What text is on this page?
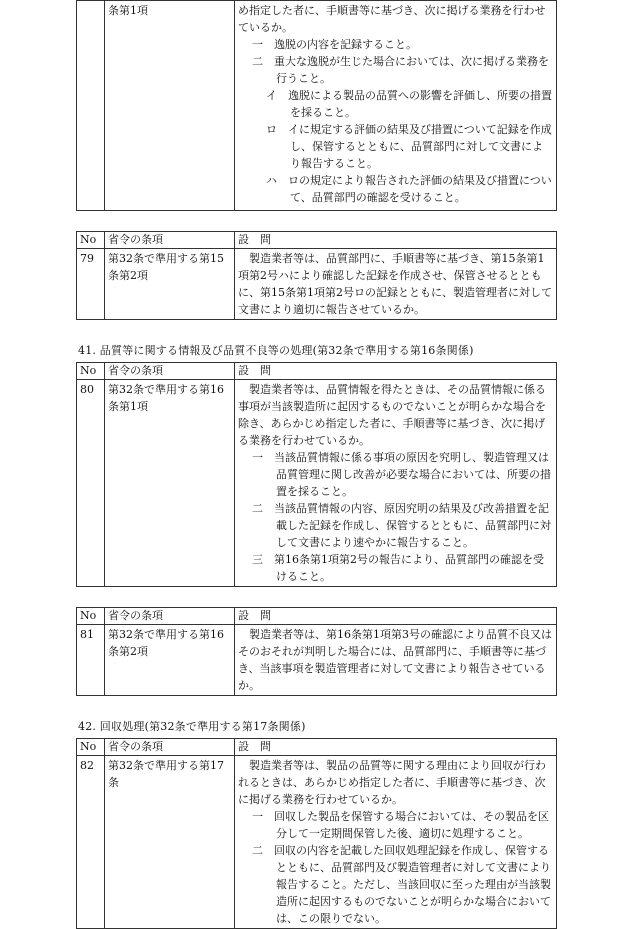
	条第1項	め指定した者に、手順書等に基づき、次に掲げる業務を行わせているか。

一　逸脱の内容を記録すること。

二　重大な逸脱が生じた場合においては、次に掲げる業務を行うこと。

イ　逸脱による製品の品質への影響を評価し、所要の措置を採ること。

ロ　イに規定する評価の結果及び措置について記録を作成し、保管するとともに、品質部門に対して文書により報告すること。

ハ　ロの規定により報告された評価の結果及び措置について、品質部門の確認を受けること。

No	省令の条項	設　問
79	第32条で準用する第15条第2項	製造業者等は、品質部門に、手順書等に基づき、第15条第1項第2号ハにより確認した記録を作成させ、保管させるとともに、第15条第1項第2号ロの記録とともに、製造管理者に対して文書により適切に報告させているか。

41. 品質等に関する情報及び品質不良等の処理(第32条で準用する第16条関係)

No	省令の条項	設　問
80	第32条で準用する第16条第1項	製造業者等は、品質情報を得たときは、その品質情報に係る事項が当該製造所に起因するものでないことが明らかな場合を除き、あらかじめ指定した者に、手順書等に基づき、次に掲げる業務を行わせているか。

一　当該品質情報に係る事項の原因を究明し、製造管理又は品質管理に関し改善が必要な場合においては、所要の措置を採ること。

二　当該品質情報の内容、原因究明の結果及び改善措置を記載した記録を作成し、保管するとともに、品質部門に対して文書により速やかに報告すること。

三　第16条第1項第2号の報告により、品質部門の確認を受けること。

No	省令の条項	設　問
81	第32条で準用する第16条第2項	製造業者等は、第16条第1項第3号の確認により品質不良又はそのおそれが判明した場合には、品質部門に、手順書等に基づき、当該事項を製造管理者に対して文書により報告させているか。

42. 回収処理(第32条で準用する第17条関係)

No	省令の条項	設　問
82	第32条で準用する第17条	製造業者等は、製品の品質等に関する理由により回収が行われるときは、あらかじめ指定した者に、手順書等に基づき、次に掲げる業務を行わせているか。

一　回収した製品を保管する場合においては、その製品を区分して一定期間保管した後、適切に処理すること。

二　回収の内容を記載した回収処理記録を作成し、保管するとともに、品質部門及び製造管理者に対して文書により報告すること。ただし、当該回収に至った理由が当該製造所に起因するものでないことが明らかな場合においては、この限りでない。
